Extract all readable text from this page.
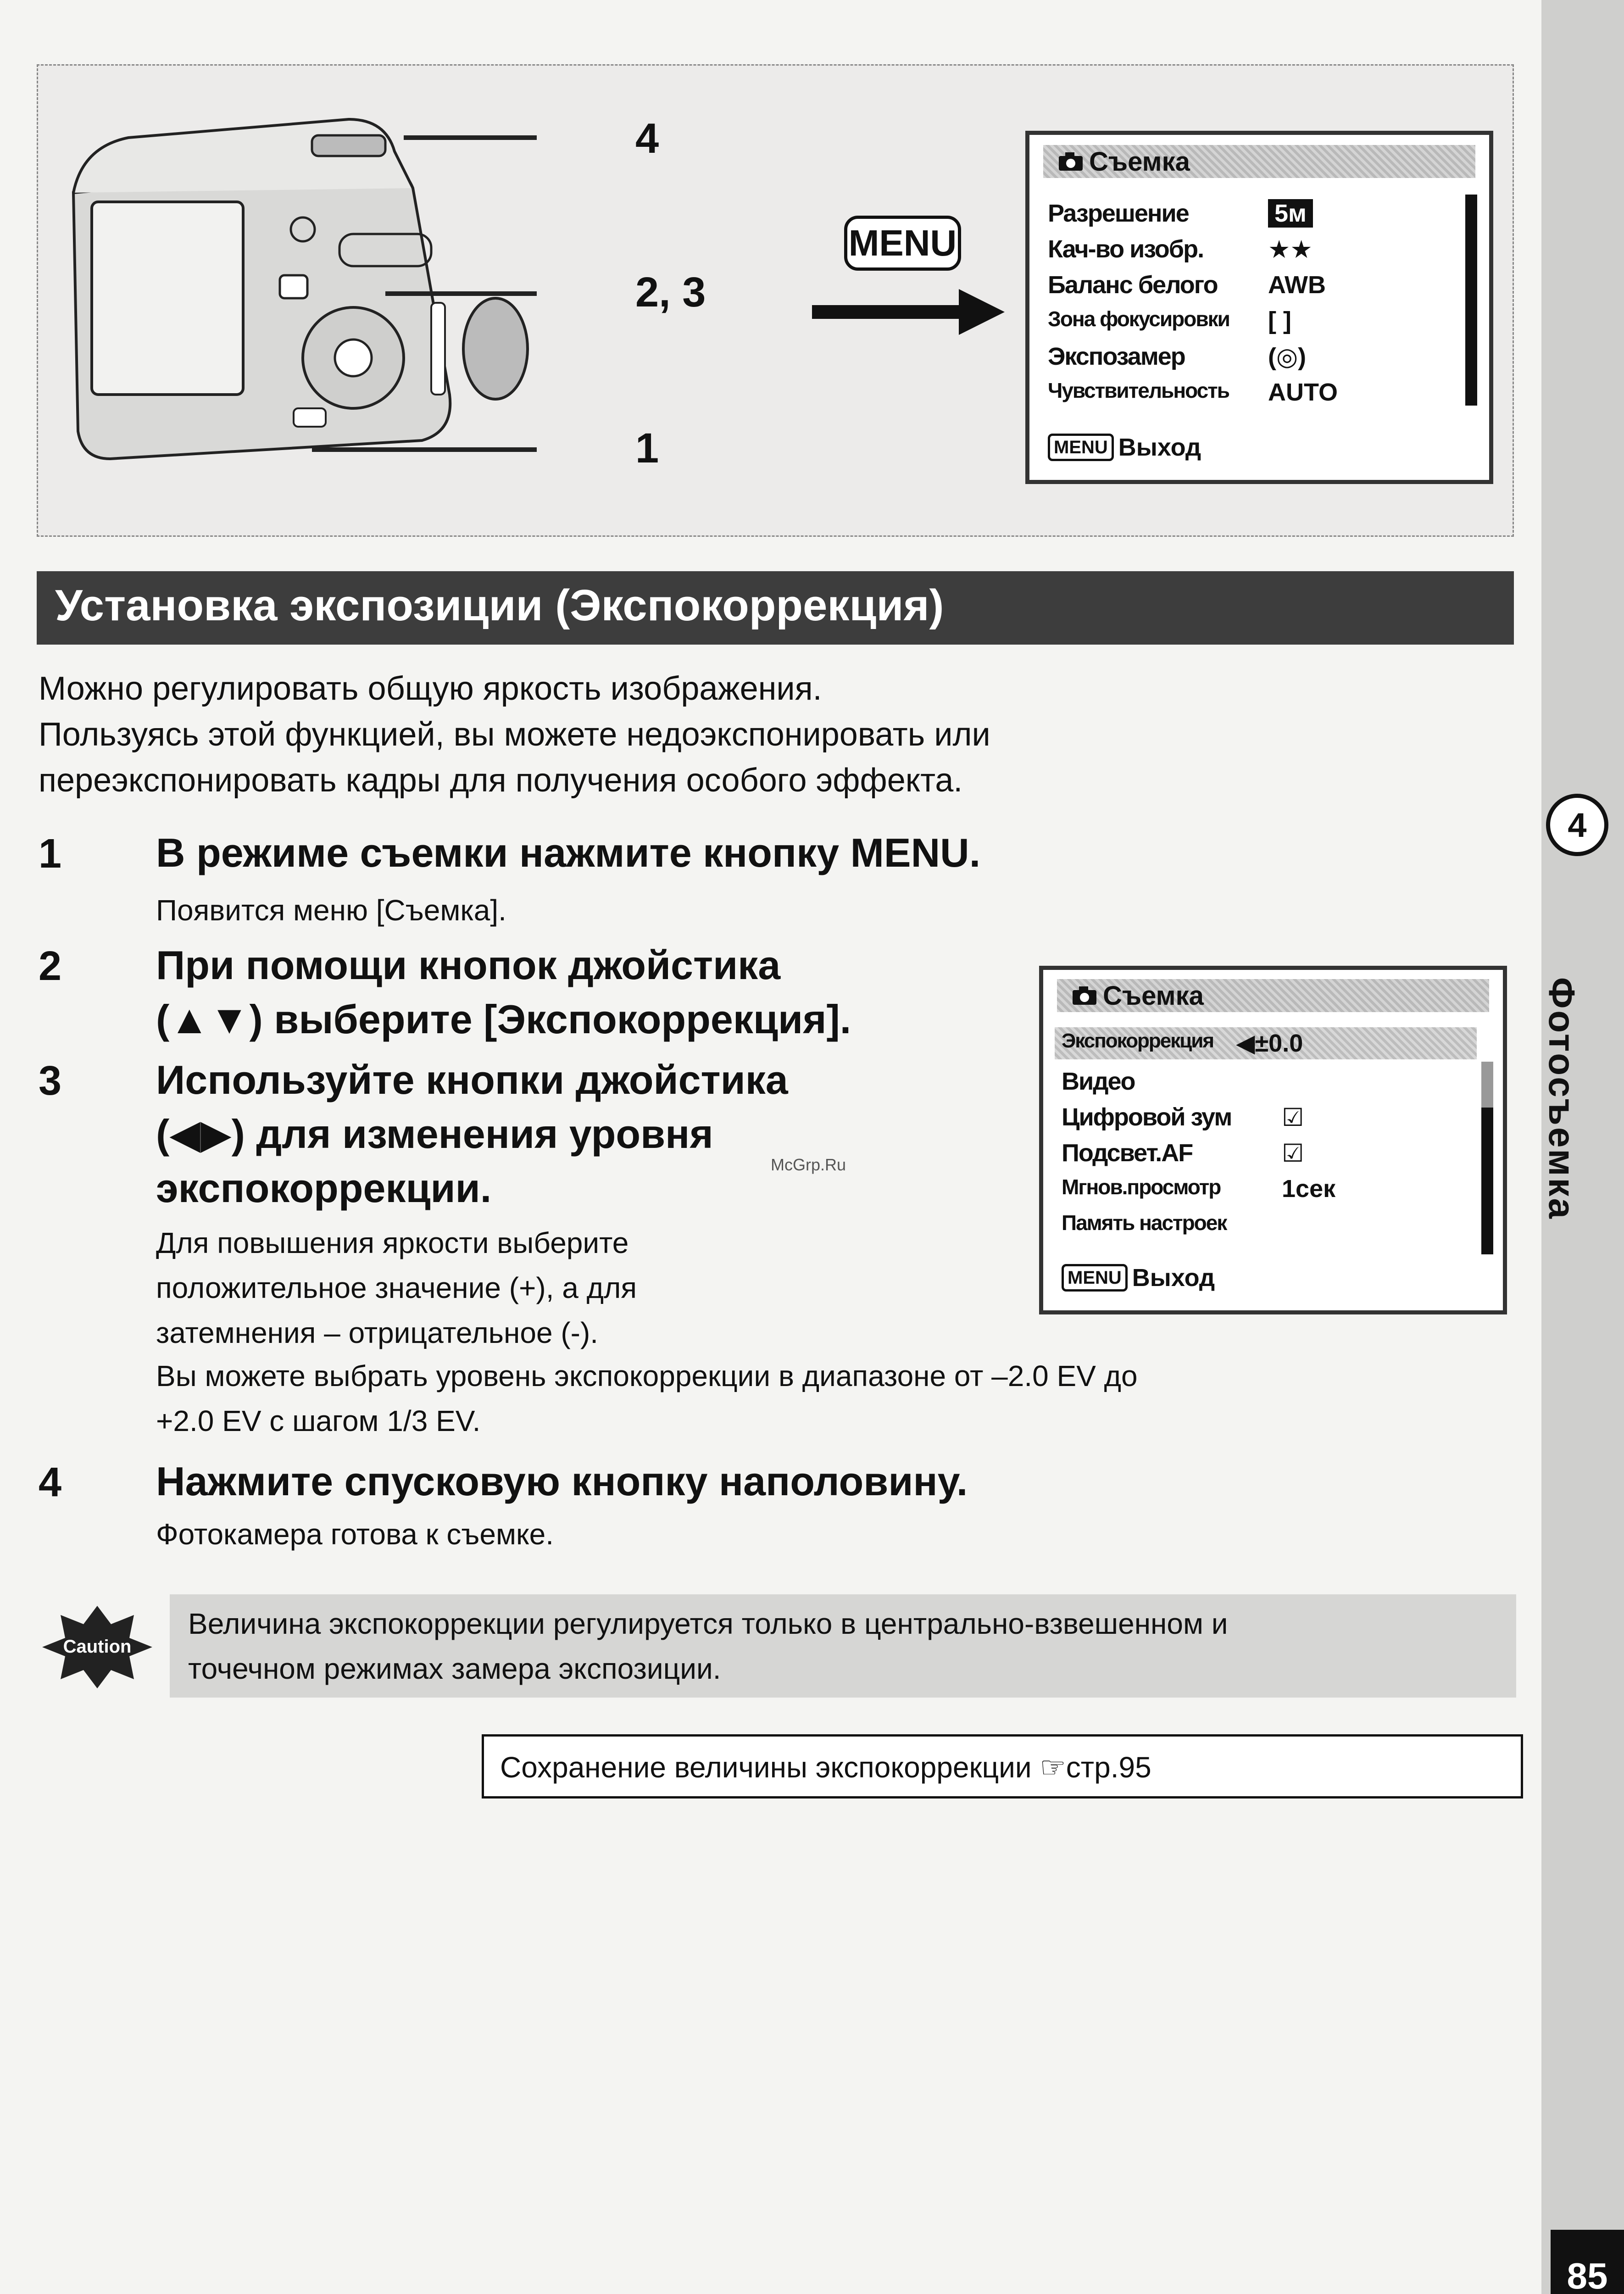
4
Фотосъемка
85
4
2, 3
1
MENU
Съемка
Разрешение	5м
Кач-во изобр.	★★
Баланс белого AWB
Зона фокусировки [ ]
Экспозамер	(◎)
Чувствительность AUTO
MENU Выход
Установка экспозиции (Экспокоррекция)
Можно регулировать общую яркость изображения.
Пользуясь этой функцией, вы можете недоэкспонировать или
переэкспонировать кадры для получения особого эффекта.
1 В режиме съемки нажмите кнопку MENU.
Появится меню [Съемка].
2 При помощи кнопок джойстика
(▲▼) выберите [Экспокоррекция].
3 Используйте кнопки джойстика
(◀▶) для изменения уровня
экспокоррекции.
Для повышения яркости выберите
положительное значение (+), а для
затемнения – отрицательное (-).
Вы можете выбрать уровень экспокоррекции в диапазоне от –2.0 EV до
+2.0 EV с шагом 1/3 EV.
4 Нажмите спусковую кнопку наполовину.
Фотокамера готова к съемке.
Съемка
Экспокоррекция ◀±0.0
Видео
Цифровой зум ☑
Подсвет.AF	☑
Мгнов.просмотр 1сек
Память настроек
MENU Выход
McGrp.Ru
Caution
Величина экспокоррекции регулируется только в центрально-взвешенном и
точечном режимах замера экспозиции.
Сохранение величины экспокоррекции ☞стр.95
